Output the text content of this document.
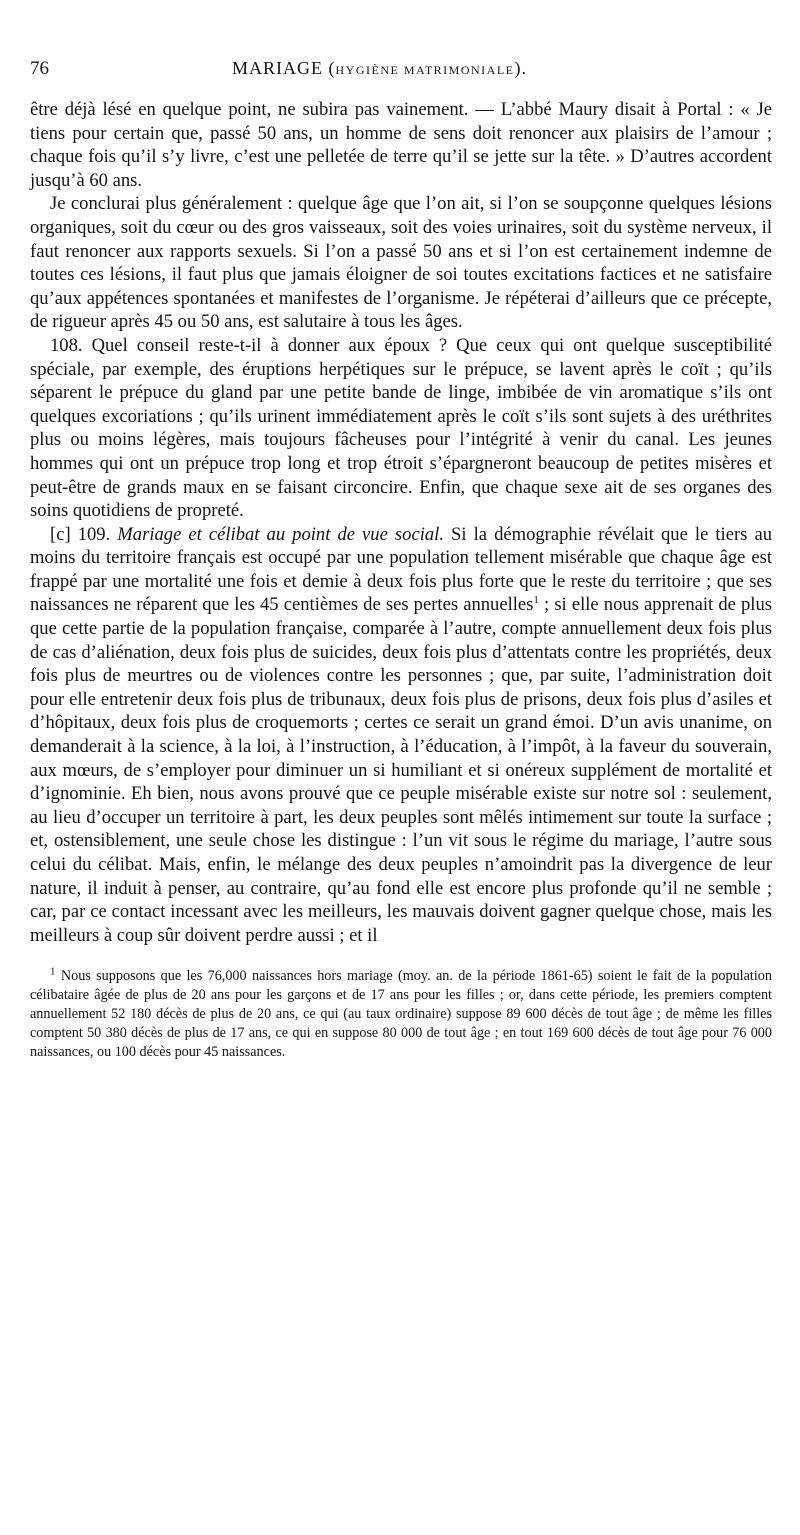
76	MARIAGE (HYGIÈNE MATRIMONIALE).

être déjà lésé en quelque point, ne subira pas vainement. — L’abbé Maury disait à Portal : « Je tiens pour certain que, passé 50 ans, un homme de sens doit renoncer aux plaisirs de l’amour ; chaque fois qu’il s’y livre, c’est une pelletée de terre qu’il se jette sur la tête. » D’autres accordent jusqu’à 60 ans.

Je conclurai plus généralement : quelque âge que l’on ait, si l’on se soupçonne quelques lésions organiques, soit du cœur ou des gros vaisseaux, soit des voies urinaires, soit du système nerveux, il faut renoncer aux rapports sexuels. Si l’on a passé 50 ans et si l’on est certainement indemne de toutes ces lésions, il faut plus que jamais éloigner de soi toutes excitations factices et ne satisfaire qu’aux appétences spontanées et manifestes de l’organisme. Je répéterai d’ailleurs que ce précepte, de rigueur après 45 ou 50 ans, est salutaire à tous les âges.

108. Quel conseil reste-t-il à donner aux époux ? Que ceux qui ont quelque susceptibilité spéciale, par exemple, des éruptions herpétiques sur le prépuce, se lavent après le coït ; qu’ils séparent le prépuce du gland par une petite bande de linge, imbibée de vin aromatique s’ils ont quelques excoriations ; qu’ils urinent immédiatement après le coït s’ils sont sujets à des uréthrites plus ou moins légères, mais toujours fâcheuses pour l’intégrité à venir du canal. Les jeunes hommes qui ont un prépuce trop long et trop étroit s’épargneront beaucoup de petites misères et peut-être de grands maux en se faisant circoncire. Enfin, que chaque sexe ait de ses organes des soins quotidiens de propreté.

[c] 109. Mariage et célibat au point de vue social. Si la démographie révélait que le tiers au moins du territoire français est occupé par une population tellement misérable que chaque âge est frappé par une mortalité une fois et demie à deux fois plus forte que le reste du territoire ; que ses naissances ne réparent que les 45 centièmes de ses pertes annuelles$^1$ ; si elle nous apprenait de plus que cette partie de la population française, comparée à l’autre, compte annuellement deux fois plus de cas d’aliénation, deux fois plus de suicides, deux fois plus d’attentats contre les propriétés, deux fois plus de meurtres ou de violences contre les personnes ; que, par suite, l’administration doit pour elle entretenir deux fois plus de tribunaux, deux fois plus de prisons, deux fois plus d’asiles et d’hôpitaux, deux fois plus de croquemorts ; certes ce serait un grand émoi. D’un avis unanime, on demanderait à la science, à la loi, à l’instruction, à l’éducation, à l’impôt, à la faveur du souverain, aux mœurs, de s’employer pour diminuer un si humiliant et si onéreux supplément de mortalité et d’ignominie. Eh bien, nous avons prouvé que ce peuple misérable existe sur notre sol : seulement, au lieu d’occuper un territoire à part, les deux peuples sont mêlés intimement sur toute la surface ; et, ostensiblement, une seule chose les distingue : l’un vit sous le régime du mariage, l’autre sous celui du célibat. Mais, enfin, le mélange des deux peuples n’amoindrit pas la divergence de leur nature, il induit à penser, au contraire, qu’au fond elle est encore plus profonde qu’il ne semble ; car, par ce contact incessant avec les meilleurs, les mauvais doivent gagner quelque chose, mais les meilleurs à coup sûr doivent perdre aussi ; et il

$^1$ Nous supposons que les 76,000 naissances hors mariage (moy. an. de la période 1861-65) soient le fait de la population célibataire âgée de plus de 20 ans pour les garçons et de 17 ans pour les filles ; or, dans cette période, les premiers comptent annuellement 52 180 décès de plus de 20 ans, ce qui (au taux ordinaire) suppose 89 600 décès de tout âge ; de même les filles comptent 50 380 décès de plus de 17 ans, ce qui en suppose 80 000 de tout âge ; en tout 169 600 décès de tout âge pour 76 000 naissances, ou 100 décès pour 45 naissances.
